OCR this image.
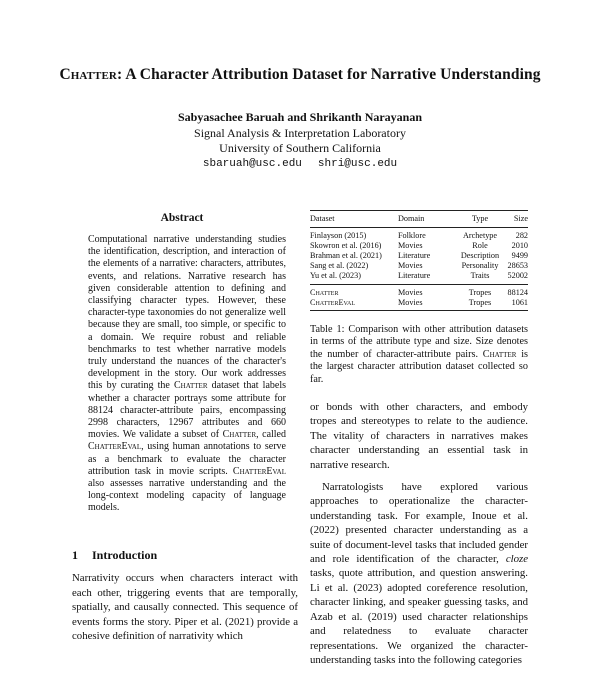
Chatter: A Character Attribution Dataset for Narrative Understanding
Sabyasachee Baruah and Shrikanth Narayanan
Signal Analysis & Interpretation Laboratory
University of Southern California
sbaruah@usc.edu shri@usc.edu
Abstract
Computational narrative understanding studies the identification, description, and interaction of the elements of a narrative: characters, attributes, events, and relations. Narrative research has given considerable attention to defining and classifying character types. However, these character-type taxonomies do not generalize well because they are small, too simple, or specific to a domain. We require robust and reliable benchmarks to test whether narrative models truly understand the nuances of the character's development in the story. Our work addresses this by curating the Chatter dataset that labels whether a character portrays some attribute for 88124 character-attribute pairs, encompassing 2998 characters, 12967 attributes and 660 movies. We validate a subset of Chatter, called ChatterEval, using human annotations to serve as a benchmark to evaluate the character attribution task in movie scripts. ChatterEval also assesses narrative understanding and the long-context modeling capacity of language models.
1 Introduction
Narrativity occurs when characters interact with each other, triggering events that are temporally, spatially, and causally connected. This sequence of events forms the story. Piper et al. (2021) provide a cohesive definition of narrativity which
Dataset	Domain	Type	Size
Finlayson (2015)	Folklore	Archetype	282
Skowron et al. (2016)	Movies	Role	2010
Brahman et al. (2021)	Literature	Description	9499
Sang et al. (2022)	Movies	Personality	28653
Yu et al. (2023)	Literature	Traits	52002
Chatter	Movies	Tropes	88124
ChatterEval	Movies	Tropes	1061
Table 1: Comparison with other attribution datasets in terms of the attribute type and size. Size denotes the number of character-attribute pairs. Chatter is the largest character attribution dataset collected so far.

or bonds with other characters, and embody tropes and stereotypes to relate to the audience. The vitality of characters in narratives makes character understanding an essential task in narrative research.

Narratologists have explored various approaches to operationalize the character-understanding task. For example, Inoue et al. (2022) presented character understanding as a suite of document-level tasks that included gender and role identification of the character, cloze tasks, quote attribution, and question answering. Li et al. (2023) adopted coreference resolution, character linking, and speaker guessing tasks, and Azab et al. (2019) used character relationships and relatedness to evaluate character representations. We organized the character-understanding tasks into the following categories
